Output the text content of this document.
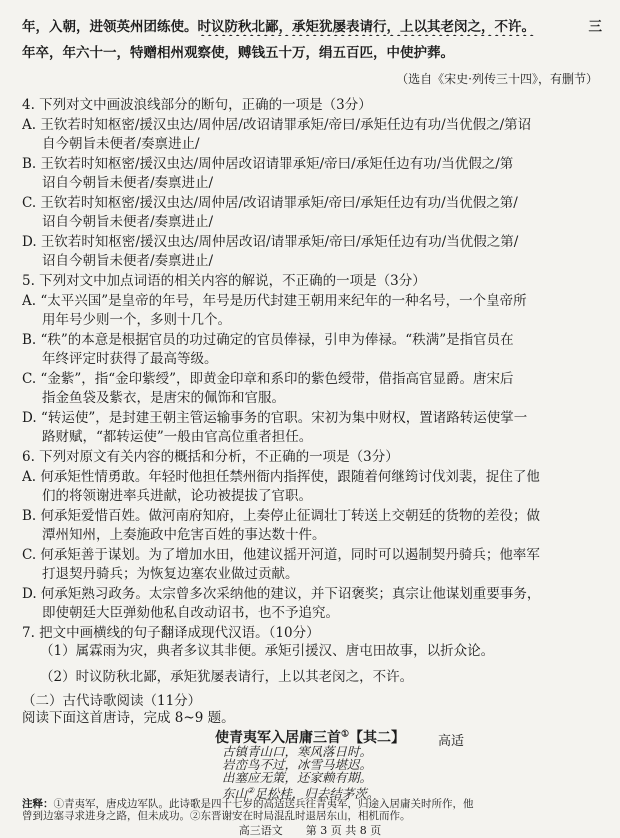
年，入朝，进领英州团练使。时议防秋北鄙，承矩犹屡表请行，上以其老闵之，不许。	三
年卒，年六十一，特赠相州观察使，赙钱五十万，绢五百匹，中使护葬。
（选自《宋史·列传三十四》，有删节）
4. 下列对文中画波浪线部分的断句，正确的一项是（3分）
A. 王钦若时知枢密/援汉虫达/周仲居/改诏请罪承矩/帝曰/承矩任边有功/当优假之/第诏
自今朝旨未便者/奏禀进止/
B. 王钦若时知枢密/援汉虫达/周仲居改诏请罪承矩/帝曰/承矩任边有功/当优假之/第
诏自今朝旨未便者/奏禀进止/
C. 王钦若时知枢密/援汉虫达/周仲居/改诏请罪承矩/帝曰/承矩任边有功/当优假之第/
诏自今朝旨未便者/奏禀进止/
D. 王钦若时知枢密/援汉虫达/周仲居改诏/请罪承矩/帝曰/承矩任边有功/当优假之第/
诏自今朝旨未便者/奏禀进止/
5. 下列对文中加点词语的相关内容的解说，不正确的一项是（3分）
A. “太平兴国”是皇帝的年号，年号是历代封建王朝用来纪年的一种名号，一个皇帝所
用年号少则一个，多则十几个。
B. “秩”的本意是根据官员的功过确定的官员俸禄，引申为俸禄。“秩满”是指官员在
年终评定时获得了最高等级。
C. “金紫”，指“金印紫绶”，即黄金印章和系印的紫色绶带，借指高官显爵。唐宋后
指金鱼袋及紫衣，是唐宋的佩饰和官服。
D. “转运使”，是封建王朝主管运输事务的官职。宋初为集中财权，置诸路转运使掌一
路财赋，“都转运使”一般由官高位重者担任。
6. 下列对原文有关内容的概括和分析，不正确的一项是（3分）
A. 何承矩性情勇敢。年轻时他担任禁州衙内指挥使，跟随着何继筠讨伐刘裴，捉住了他
们的将领谢进率兵进献，论功被提拔了官职。
B. 何承矩爱惜百姓。做河南府知府，上奏停止征调壮丁转送上交朝廷的货物的差役；做
潭州知州，上奏施政中危害百姓的事达数十件。
C. 何承矩善于谋划。为了增加水田，他建议摇开河道，同时可以遏制契丹骑兵；他率军
打退契丹骑兵；为恢复边塞农业做过贡献。
D. 何承矩熟习政务。太宗曾多次采纳他的建议，并下诏褒奖；真宗让他谋划重要事务，
即使朝廷大臣弹劾他私自改动诏书，也不予追究。
7. 把文中画横线的句子翻译成现代汉语。（10分）
（1）属霖雨为灾，典者多议其非便。承矩引援汉、唐屯田故事，以折众论。
（2）时议防秋北鄙，承矩犹屡表请行，上以其老闵之，不许。
（二）古代诗歌阅读（11分）
阅读下面这首唐诗，完成 8~9 题。
使青夷军入居庸三首①【其二】	高适
高三语文 第 3 页 共 8 页
古镇青山口，寒风落日时。
岩峦鸟不过，冰雪马堪迟。
出塞应无策，还家赖有期。
东山②足松桂，归去结茅茨。
注释：①青夷军，唐戍边军队。此诗歌是四十七岁的高适送兵往青夷军，归途入居庸关时所作，他
曾到边塞寻求进身之路，但未成功。②东晋谢安在时局混乱时退居东山，相机而作。
